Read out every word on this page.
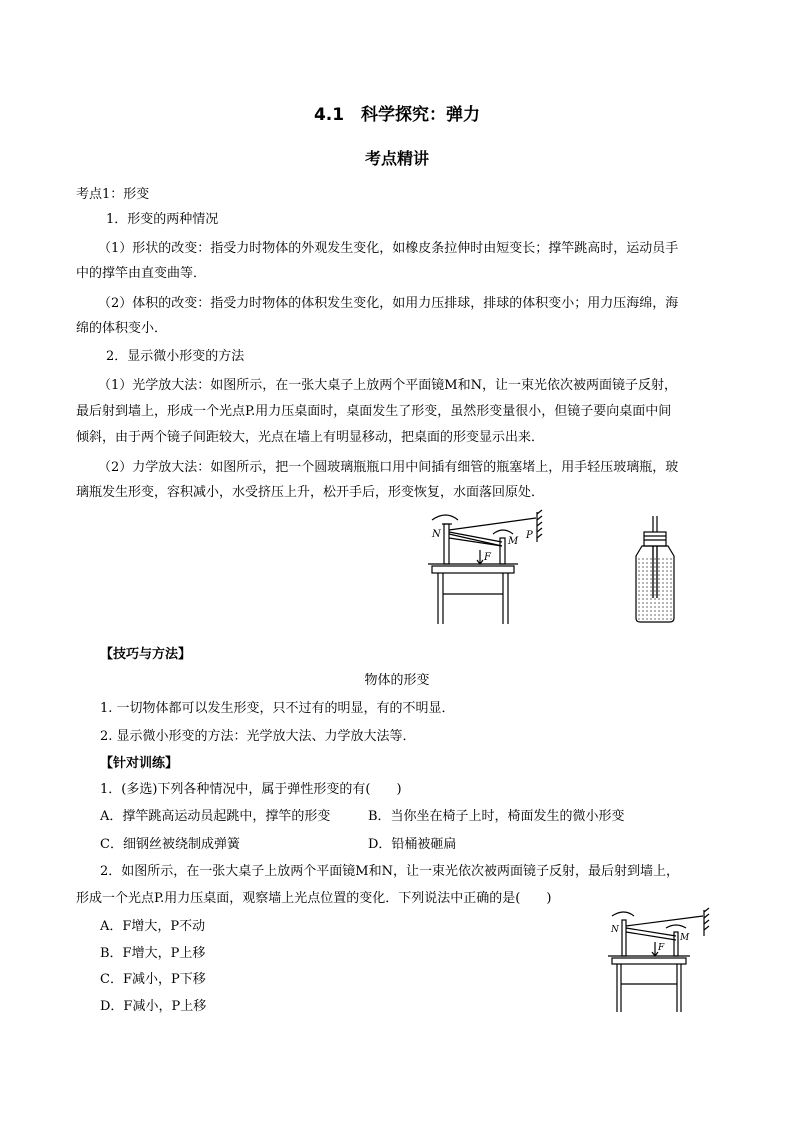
4.1　科学探究：弹力
考点精讲
考点1：形变
1．形变的两种情况
（1）形状的改变：指受力时物体的外观发生变化，如橡皮条拉伸时由短变长；撑竿跳高时，运动员手
中的撑竿由直变曲等．
（2）体积的改变：指受力时物体的体积发生变化，如用力压排球，排球的体积变小；用力压海绵，海
绵的体积变小．
2．显示微小形变的方法
（1）光学放大法：如图所示，在一张大桌子上放两个平面镜M和N，让一束光依次被两面镜子反射，
最后射到墙上，形成一个光点P.用力压桌面时，桌面发生了形变，虽然形变量很小，但镜子要向桌面中间
倾斜，由于两个镜子间距较大，光点在墙上有明显移动，把桌面的形变显示出来．
（2）力学放大法：如图所示，把一个圆玻璃瓶瓶口用中间插有细管的瓶塞堵上，用手轻压玻璃瓶，玻
璃瓶发生形变，容积减小，水受挤压上升，松开手后，形变恢复，水面落回原处．
N
M
F
P
【技巧与方法】
物体的形变
1. 一切物体都可以发生形变，只不过有的明显，有的不明显．
2. 显示微小形变的方法：光学放大法、力学放大法等．
【针对训练】
1．(多选)下列各种情况中，属于弹性形变的有(　　)
A．撑竿跳高运动员起跳中，撑竿的形变	B．当你坐在椅子上时，椅面发生的微小形变
C．细钢丝被绕制成弹簧	D．铅桶被砸扁
2．如图所示，在一张大桌子上放两个平面镜M和N，让一束光依次被两面镜子反射，最后射到墙上，
形成一个光点P.用力压桌面，观察墙上光点位置的变化．下列说法中正确的是(　　)
A．F增大，P不动
B．F增大，P上移
C．F减小，P下移
D．F减小，P上移
N
M
F
